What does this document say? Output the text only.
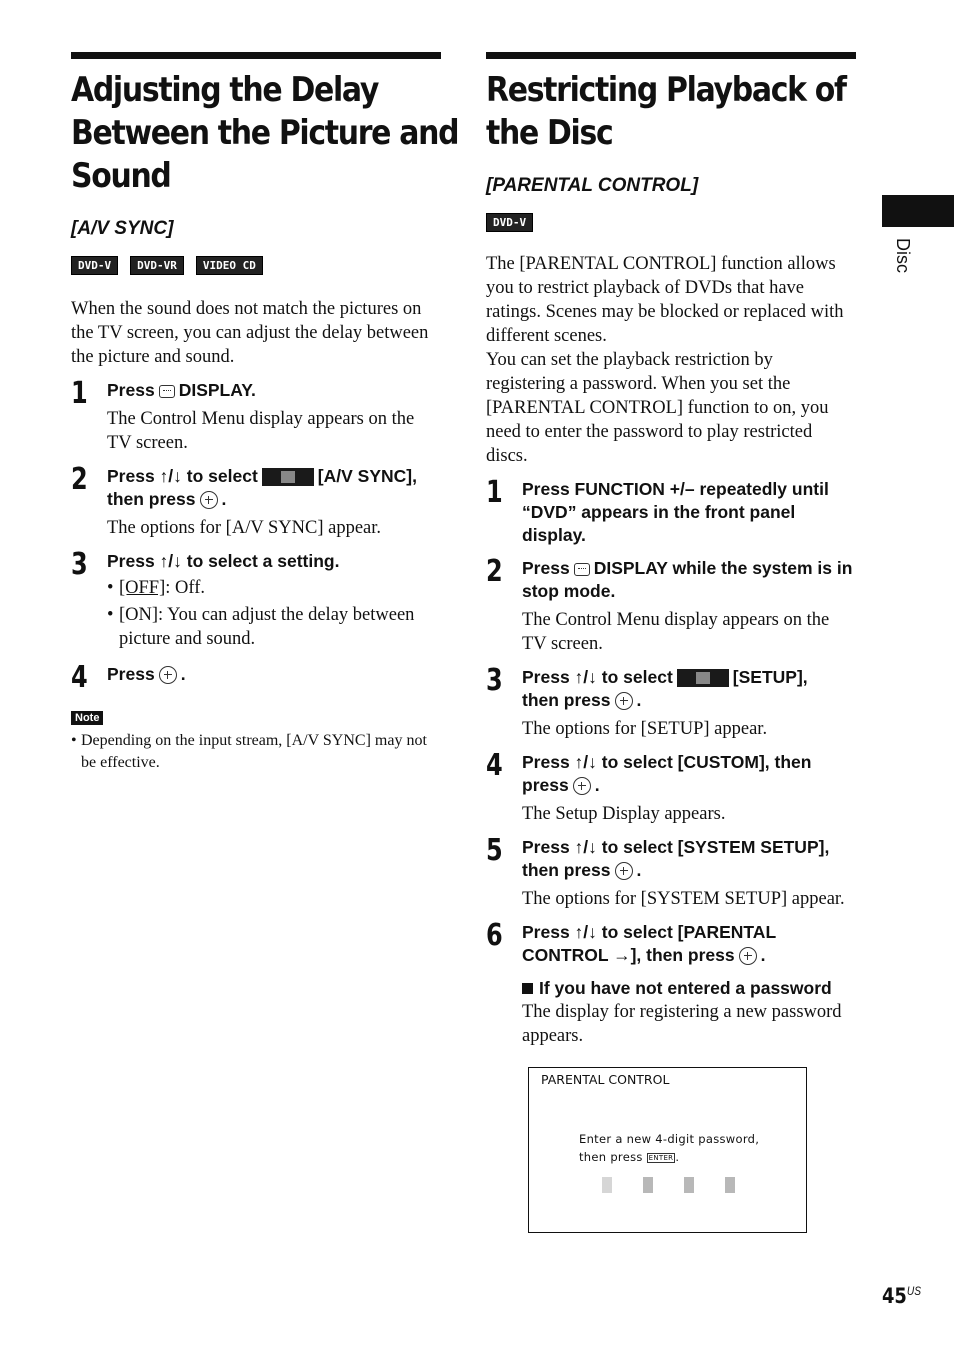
Adjusting the Delay
Between the Picture and
Sound

[A/V SYNC]

DVD-V	DVD-VR	VIDEO CD

When the sound does not match the pictures on the TV screen, you can adjust the delay between the picture and sound.

1 Press DISPLAY.

The Control Menu display appears on the TV screen.

2 Press ↑/↓ to select	[A/V SYNC],
then press .

The options for [A/V SYNC] appear.

3 Press ↑/↓ to select a setting.

• [OFF]: Off.
• [ON]: You can adjust the delay between picture and sound.
4 Press .

Note
• Depending on the input stream, [A/V SYNC] may not be effective.
Restricting Playback of
the Disc

[PARENTAL CONTROL]

DVD-V

The [PARENTAL CONTROL] function allows you to restrict playback of DVDs that have ratings. Scenes may be blocked or replaced with different scenes.

You can set the playback restriction by registering a password. When you set the [PARENTAL CONTROL] function to on, you need to enter the password to play restricted discs.

1 Press FUNCTION +/– repeatedly until “DVD” appears in the front panel display.

2 Press DISPLAY while the system is in stop mode.

The Control Menu display appears on the TV screen.

3 Press ↑/↓ to select	[SETUP],
then press .

The options for [SETUP] appear.

4 Press ↑/↓ to select [CUSTOM], then press .

The Setup Display appears.

5 Press ↑/↓ to select [SYSTEM SETUP], then press .

The options for [SYSTEM SETUP] appear.

6 Press ↑/↓ to select [PARENTAL CONTROL →], then press .

If you have not entered a password

The display for registering a new password appears.

PARENTAL CONTROL
Enter a new 4-digit password,
then press ENTER .
Disc
$45^{US}$
